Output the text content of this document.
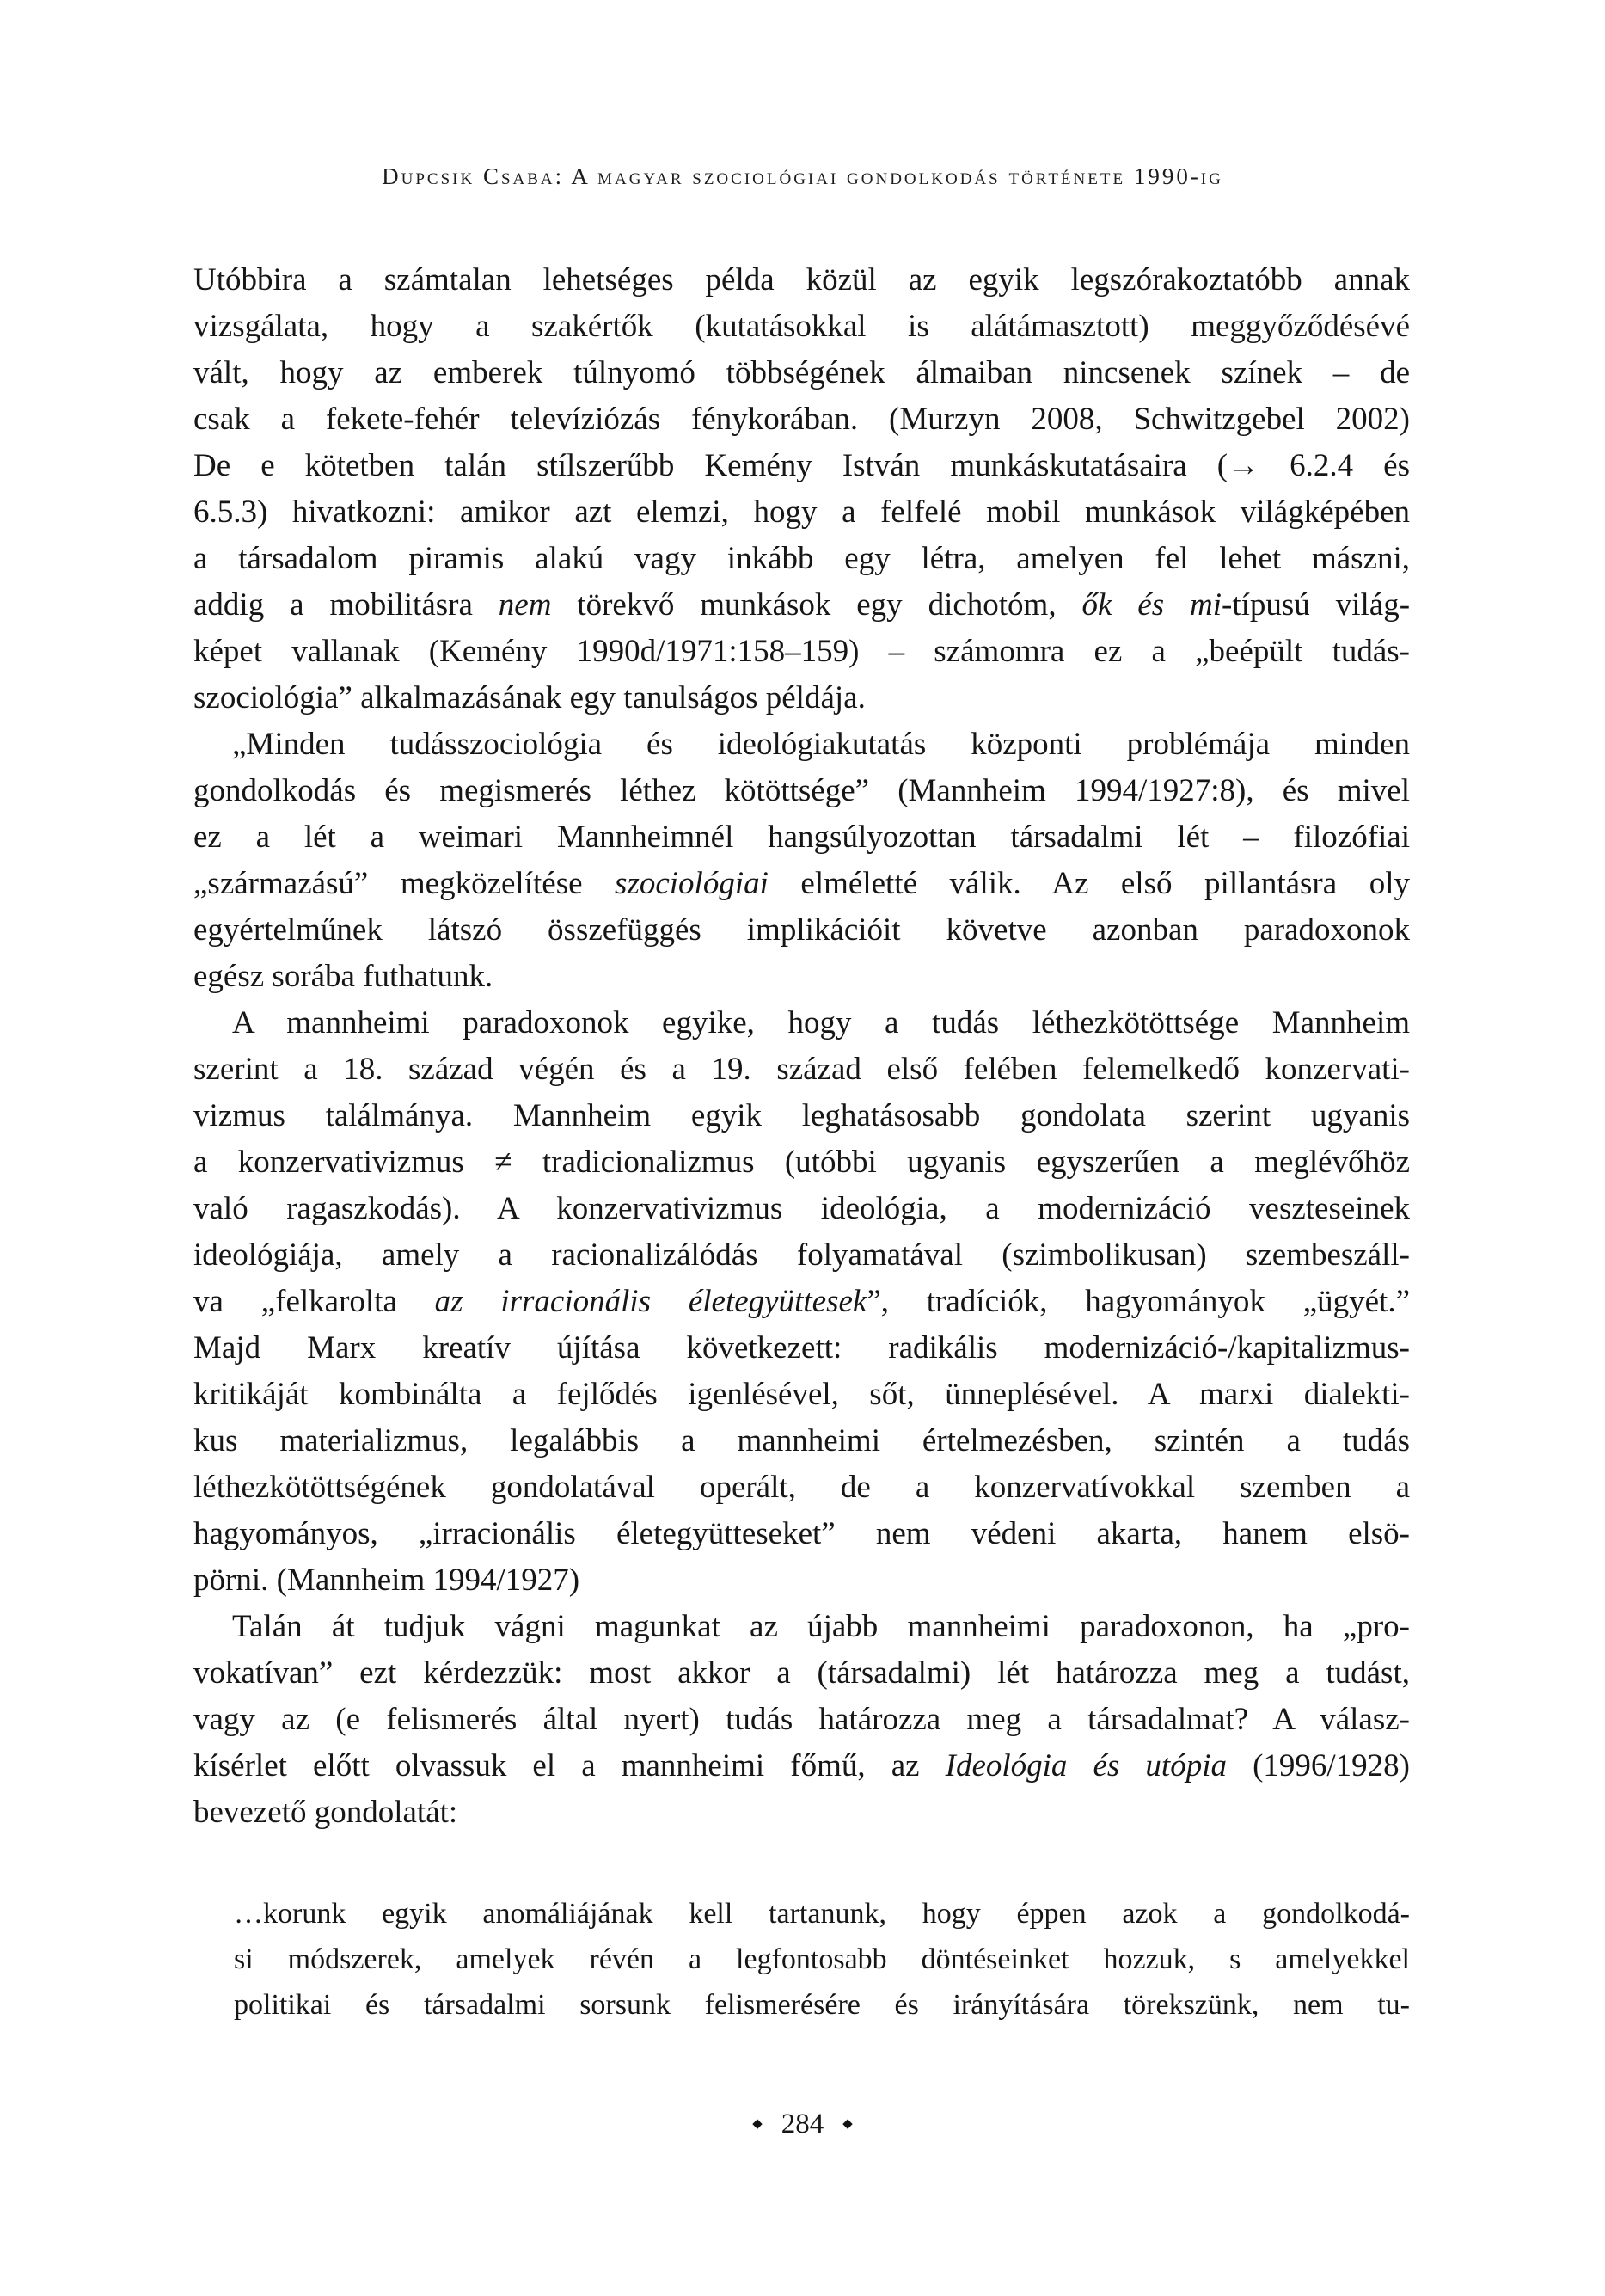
Dupcsik Csaba: A magyar szociológiai gondolkodás története 1990-ig
Utóbbira a számtalan lehetséges példa közül az egyik legszórakoztatóbb annak
vizsgálata, hogy a szakértők (kutatásokkal is alátámasztott) meggyőződésévé
vált, hogy az emberek túlnyomó többségének álmaiban nincsenek színek – de
csak a fekete-fehér televíziózás fénykorában. (Murzyn 2008, Schwitzgebel 2002)
De e kötetben talán stílszerűbb Kemény István munkáskutatásaira (→ 6.2.4 és
6.5.3) hivatkozni: amikor azt elemzi, hogy a felfelé mobil munkások világképében
a társadalom piramis alakú vagy inkább egy létra, amelyen fel lehet mászni,
addig a mobilitásra nem törekvő munkások egy dichotóm, ők és mi-típusú világ-
képet vallanak (Kemény 1990d/1971:158–159) – számomra ez a „beépült tudás-
szociológia” alkalmazásának egy tanulságos példája.
„Minden tudásszociológia és ideológiakutatás központi problémája minden
gondolkodás és megismerés léthez kötöttsége” (Mannheim 1994/1927:8), és mivel
ez a lét a weimari Mannheimnél hangsúlyozottan társadalmi lét – filozófiai
„származású” megközelítése szociológiai elméletté válik. Az első pillantásra oly
egyértelműnek látszó összefüggés implikációit követve azonban paradoxonok
egész sorába futhatunk.
A mannheimi paradoxonok egyike, hogy a tudás léthezkötöttsége Mannheim
szerint a 18. század végén és a 19. század első felében felemelkedő konzervati-
vizmus találmánya. Mannheim egyik leghatásosabb gondolata szerint ugyanis
a konzervativizmus ≠ tradicionalizmus (utóbbi ugyanis egyszerűen a meglévőhöz
való ragaszkodás). A konzervativizmus ideológia, a modernizáció veszteseinek
ideológiája, amely a racionalizálódás folyamatával (szimbolikusan) szembeszáll-
va „felkarolta az irracionális életegyüttesek”, tradíciók, hagyományok „ügyét.”
Majd Marx kreatív újítása következett: radikális modernizáció-/kapitalizmus-
kritikáját kombinálta a fejlődés igenlésével, sőt, ünneplésével. A marxi dialekti-
kus materializmus, legalábbis a mannheimi értelmezésben, szintén a tudás
léthezkötöttségének gondolatával operált, de a konzervatívokkal szemben a
hagyományos, „irracionális életegyütteseket” nem védeni akarta, hanem elsö-
pörni. (Mannheim 1994/1927)
Talán át tudjuk vágni magunkat az újabb mannheimi paradoxonon, ha „pro-
vokatívan” ezt kérdezzük: most akkor a (társadalmi) lét határozza meg a tudást,
vagy az (e felismerés által nyert) tudás határozza meg a társadalmat? A válasz-
kísérlet előtt olvassuk el a mannheimi főmű, az Ideológia és utópia (1996/1928)
bevezető gondolatát:
…korunk egyik anomáliájának kell tartanunk, hogy éppen azok a gondolkodá-
si módszerek, amelyek révén a legfontosabb döntéseinket hozzuk, s amelyekkel
politikai és társadalmi sorsunk felismerésére és irányítására törekszünk, nem tu-
◆ 284 ◆
